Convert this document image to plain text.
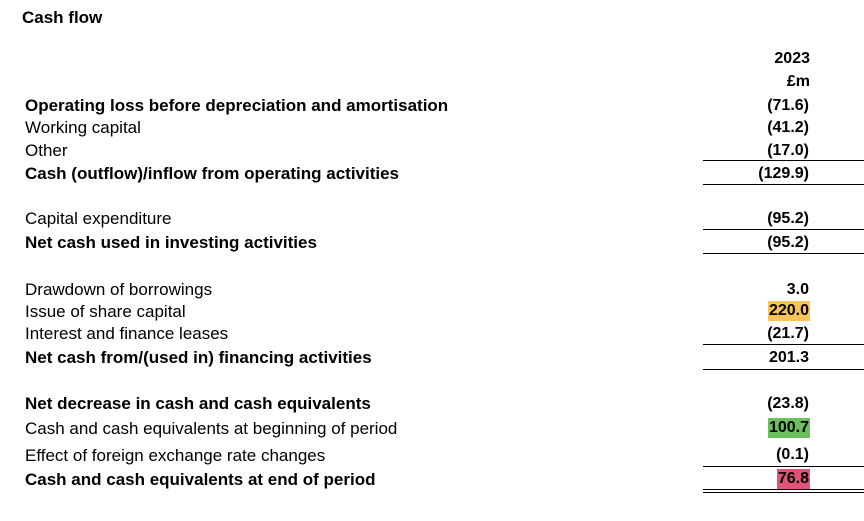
Cash flow
2023
£m
Operating loss before depreciation and amortisation	(71.6)
Working capital	(41.2)
Other	(17.0)
Cash (outflow)/inflow from operating activities	(129.9)
Capital expenditure	(95.2)
Net cash used in investing activities	(95.2)
Drawdown of borrowings	3.0
Issue of share capital	220.0
Interest and finance leases	(21.7)
Net cash from/(used in) financing activities	201.3
Net decrease in cash and cash equivalents	(23.8)
Cash and cash equivalents at beginning of period	100.7
Effect of foreign exchange rate changes	(0.1)
Cash and cash equivalents at end of period	76.8
